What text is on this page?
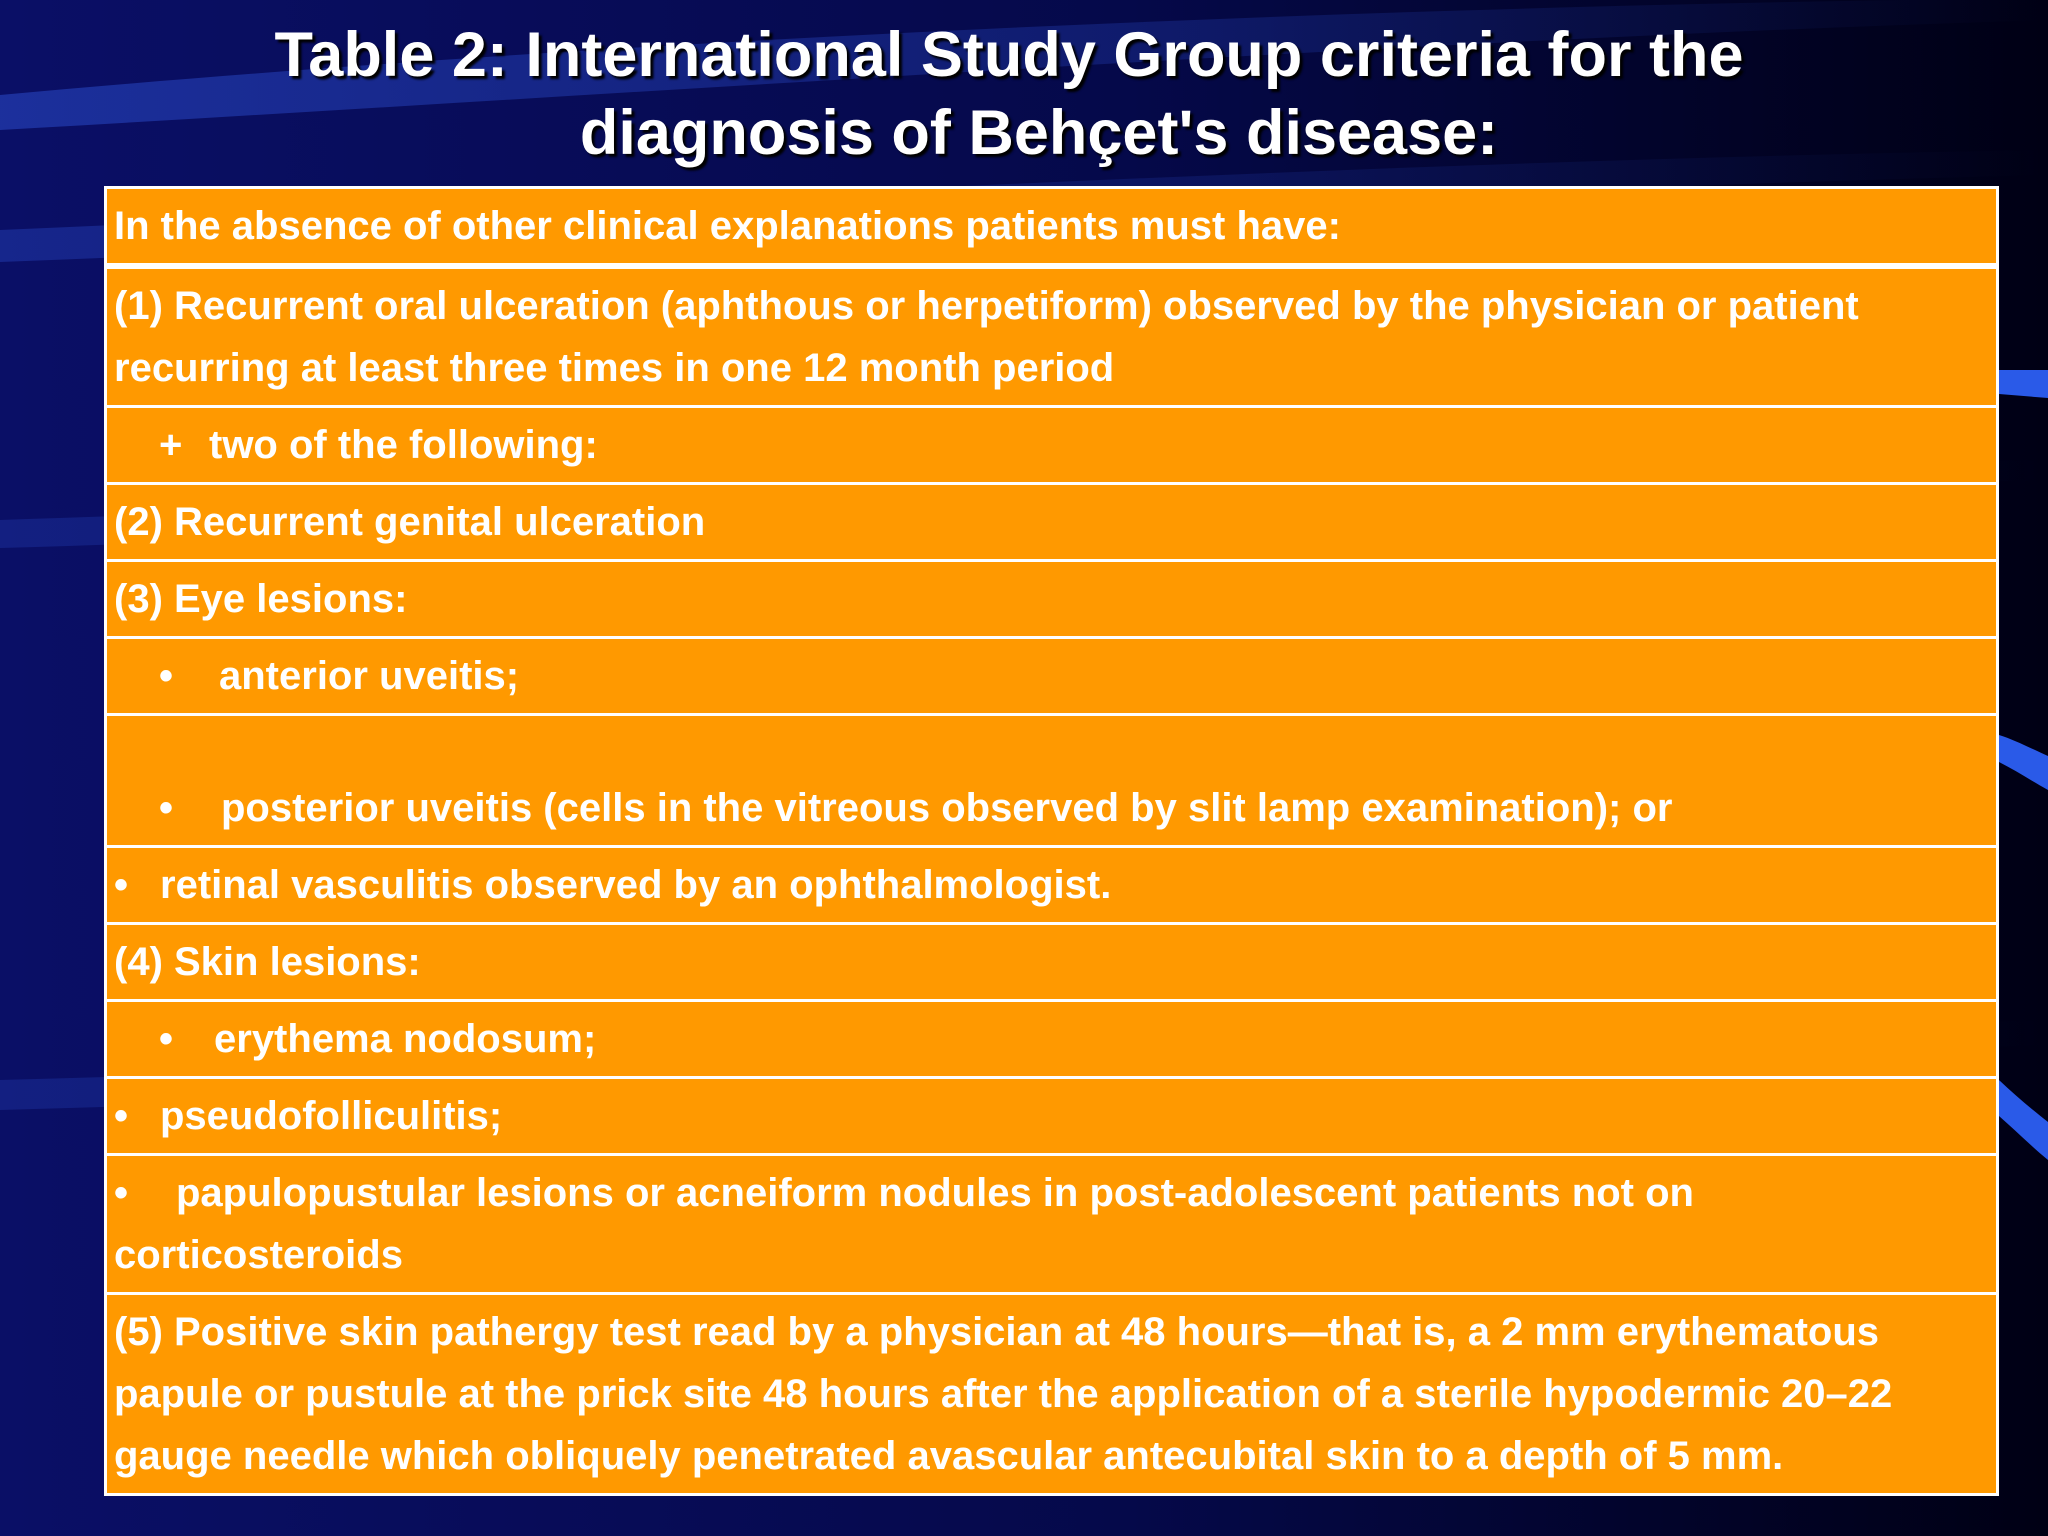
Table 2: International Study Group criteria for the
diagnosis of Behçet's disease:
In the absence of other clinical explanations patients must have:
(1) Recurrent oral ulceration (aphthous or herpetiform) observed by the physician or patient recurring at least three times in one 12 month period
+ two of the following:
(2) Recurrent genital ulceration
(3) Eye lesions:
• anterior uveitis;
• posterior uveitis (cells in the vitreous observed by slit lamp examination); or
• retinal vasculitis observed by an ophthalmologist.
(4) Skin lesions:
• erythema nodosum;
• pseudofolliculitis;
• papulopustular lesions or acneiform nodules in post-adolescent patients not on corticosteroids
(5) Positive skin pathergy test read by a physician at 48 hours—that is, a 2 mm erythematous papule or pustule at the prick site 48 hours after the application of a sterile hypodermic 20–22 gauge needle which obliquely penetrated avascular antecubital skin to a depth of 5 mm.
